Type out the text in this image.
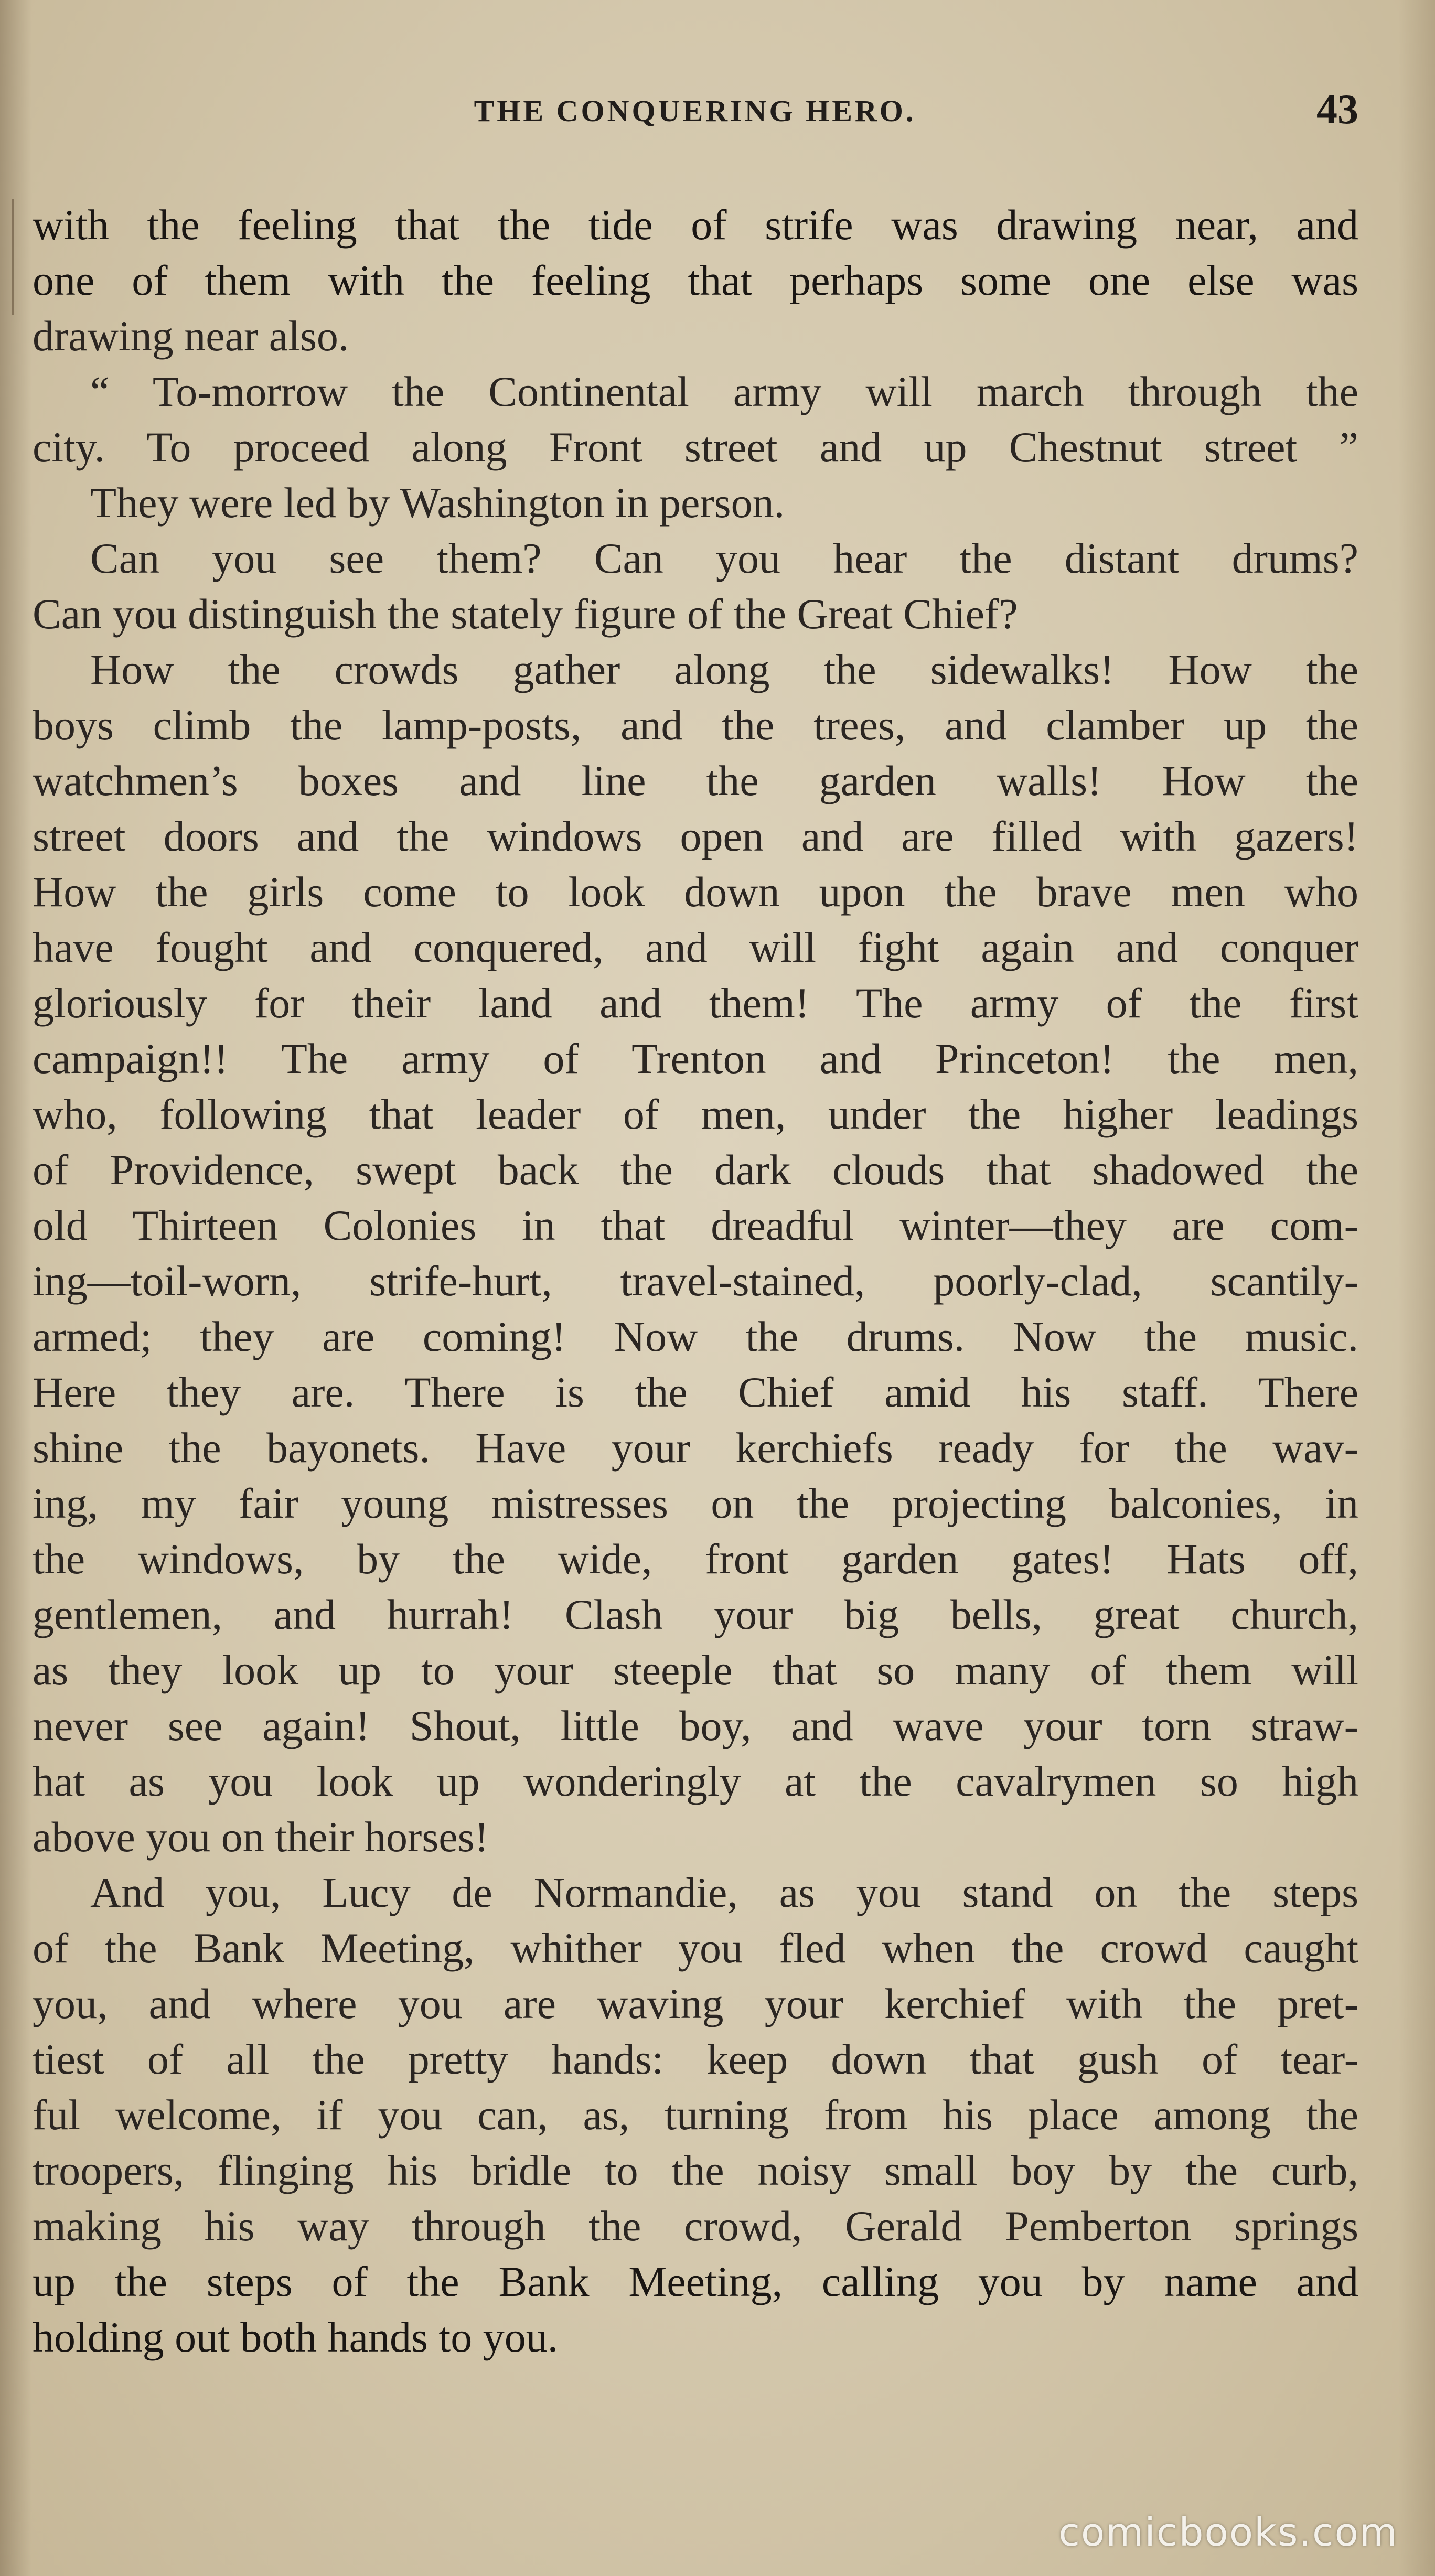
THE CONQUERING HERO.	43
with the feeling that the tide of strife was drawing near, and
one of them with the feeling that perhaps some one else was
drawing near also.
“ To-morrow the Continental army will march through the
city. To proceed along Front street and up Chestnut street ”
They were led by Washington in person.
Can you see them? Can you hear the distant drums?
Can you distinguish the stately figure of the Great Chief?
How the crowds gather along the sidewalks! How the
boys climb the lamp-posts, and the trees, and clamber up the
watchmen’s boxes and line the garden walls! How the
street doors and the windows open and are filled with gazers!
How the girls come to look down upon the brave men who
have fought and conquered, and will fight again and conquer
gloriously for their land and them! The army of the first
campaign!! The army of Trenton and Princeton! the men,
who, following that leader of men, under the higher leadings
of Providence, swept back the dark clouds that shadowed the
old Thirteen Colonies in that dreadful winter—they are com-
ing—toil-worn, strife-hurt, travel-stained, poorly-clad, scantily-
armed; they are coming! Now the drums. Now the music.
Here they are. There is the Chief amid his staff. There
shine the bayonets. Have your kerchiefs ready for the wav-
ing, my fair young mistresses on the projecting balconies, in
the windows, by the wide, front garden gates! Hats off,
gentlemen, and hurrah! Clash your big bells, great church,
as they look up to your steeple that so many of them will
never see again! Shout, little boy, and wave your torn straw-
hat as you look up wonderingly at the cavalrymen so high
above you on their horses!
And you, Lucy de Normandie, as you stand on the steps
of the Bank Meeting, whither you fled when the crowd caught
you, and where you are waving your kerchief with the pret-
tiest of all the pretty hands: keep down that gush of tear-
ful welcome, if you can, as, turning from his place among the
troopers, flinging his bridle to the noisy small boy by the curb,
making his way through the crowd, Gerald Pemberton springs
up the steps of the Bank Meeting, calling you by name and
holding out both hands to you.
comicbooks.com
